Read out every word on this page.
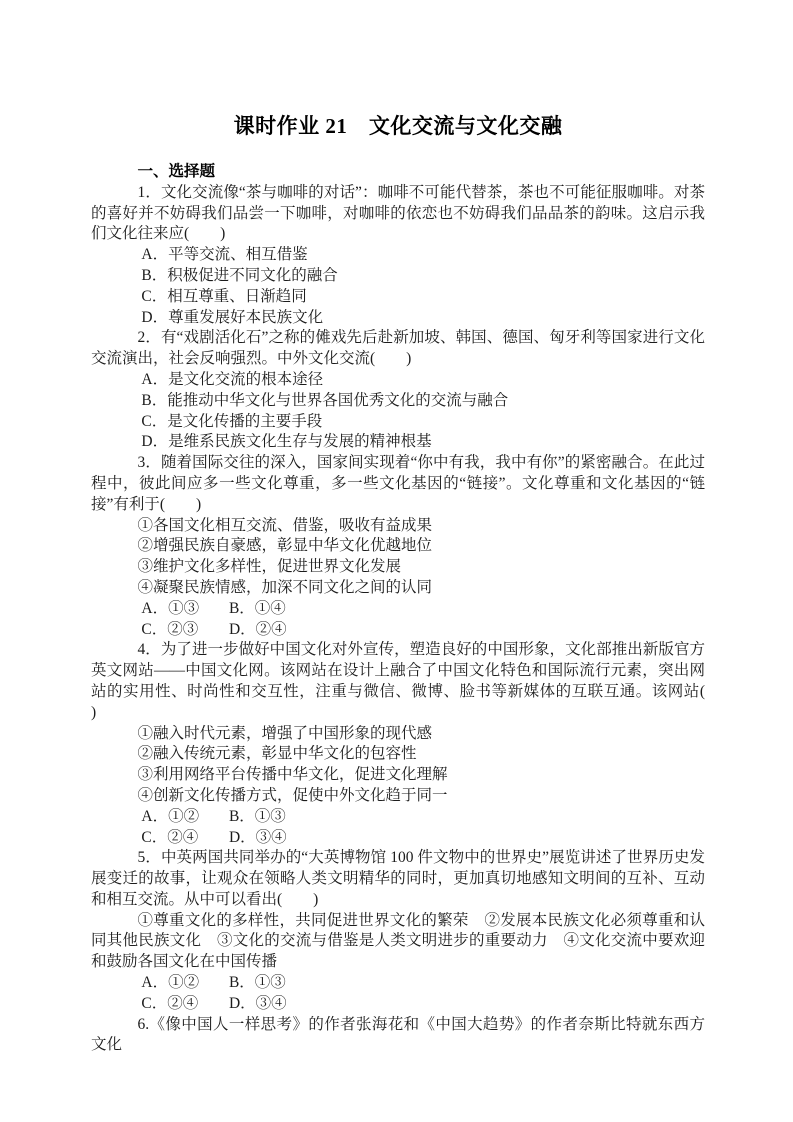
课时作业 21　文化交流与文化交融
一、选择题

1．文化交流像“茶与咖啡的对话”：咖啡不可能代替茶，茶也不可能征服咖啡。对茶的喜好并不妨碍我们品尝一下咖啡，对咖啡的依恋也不妨碍我们品品茶的韵味。这启示我们文化往来应(　　)

A．平等交流、相互借鉴

B．积极促进不同文化的融合

C．相互尊重、日渐趋同

D．尊重发展好本民族文化

2．有“戏剧活化石”之称的傩戏先后赴新加坡、韩国、德国、匈牙利等国家进行文化交流演出，社会反响强烈。中外文化交流(　　)

A．是文化交流的根本途径

B．能推动中华文化与世界各国优秀文化的交流与融合

C．是文化传播的主要手段

D．是维系民族文化生存与发展的精神根基

3．随着国际交往的深入，国家间实现着“你中有我，我中有你”的紧密融合。在此过程中，彼此间应多一些文化尊重，多一些文化基因的“链接”。文化尊重和文化基因的“链接”有利于(　　)

①各国文化相互交流、借鉴，吸收有益成果

②增强民族自豪感，彰显中华文化优越地位

③维护文化多样性，促进世界文化发展

④凝聚民族情感，加深不同文化之间的认同

A．①③ B．①④

C．②③ D．②④

4．为了进一步做好中国文化对外宣传，塑造良好的中国形象，文化部推出新版官方英文网站——中国文化网。该网站在设计上融合了中国文化特色和国际流行元素，突出网站的实用性、时尚性和交互性，注重与微信、微博、脸书等新媒体的互联互通。该网站(　　)

①融入时代元素，增强了中国形象的现代感

②融入传统元素，彰显中华文化的包容性

③利用网络平台传播中华文化，促进文化理解

④创新文化传播方式，促使中外文化趋于同一

A．①② B．①③

C．②④ D．③④

5．中英两国共同举办的“大英博物馆 100 件文物中的世界史”展览讲述了世界历史发展变迁的故事，让观众在领略人类文明精华的同时，更加真切地感知文明间的互补、互动和相互交流。从中可以看出(　　)

①尊重文化的多样性，共同促进世界文化的繁荣　②发展本民族文化必须尊重和认同其他民族文化　③文化的交流与借鉴是人类文明进步的重要动力　④文化交流中要欢迎和鼓励各国文化在中国传播

A．①② B．①③

C．②④ D．③④

6.《像中国人一样思考》的作者张海花和《中国大趋势》的作者奈斯比特就东西方文化
